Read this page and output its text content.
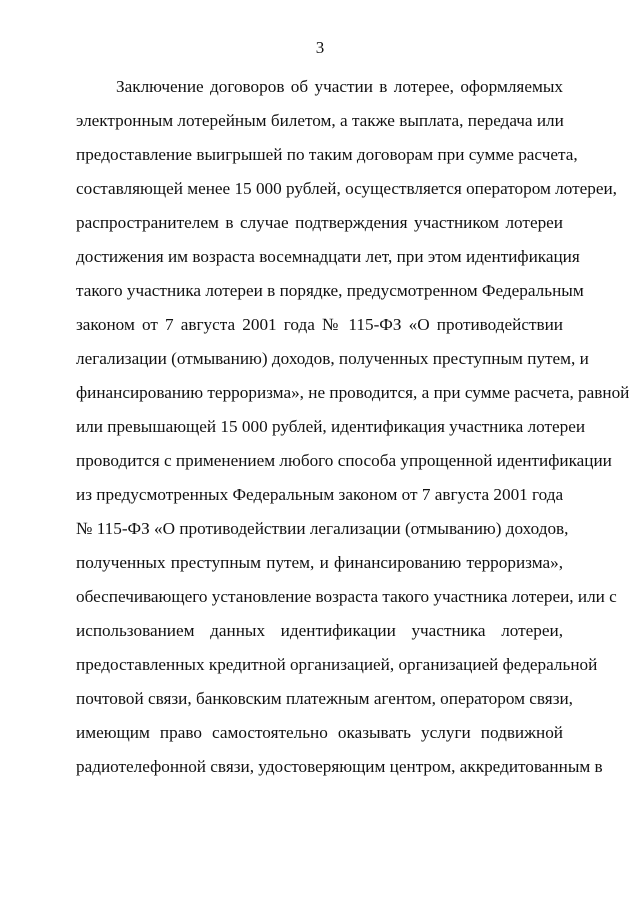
3
Заключение договоров об участии в лотерее, оформляемых
электронным лотерейным билетом, а также выплата, передача или
предоставление выигрышей по таким договорам при сумме расчета,
составляющей менее 15 000 рублей, осуществляется оператором лотереи,
распространителем в случае подтверждения участником лотереи
достижения им возраста восемнадцати лет, при этом идентификация
такого участника лотереи в порядке, предусмотренном Федеральным
законом от 7 августа 2001 года № 115-ФЗ «О противодействии
легализации (отмыванию) доходов, полученных преступным путем, и
финансированию терроризма», не проводится, а при сумме расчета, равной
или превышающей 15 000 рублей, идентификация участника лотереи
проводится с применением любого способа упрощенной идентификации
из предусмотренных Федеральным законом от 7 августа 2001 года
№ 115-ФЗ «О противодействии легализации (отмыванию) доходов,
полученных преступным путем, и финансированию терроризма»,
обеспечивающего установление возраста такого участника лотереи, или с
использованием данных идентификации участника лотереи,
предоставленных кредитной организацией, организацией федеральной
почтовой связи, банковским платежным агентом, оператором связи,
имеющим право самостоятельно оказывать услуги подвижной
радиотелефонной связи, удостоверяющим центром, аккредитованным в
